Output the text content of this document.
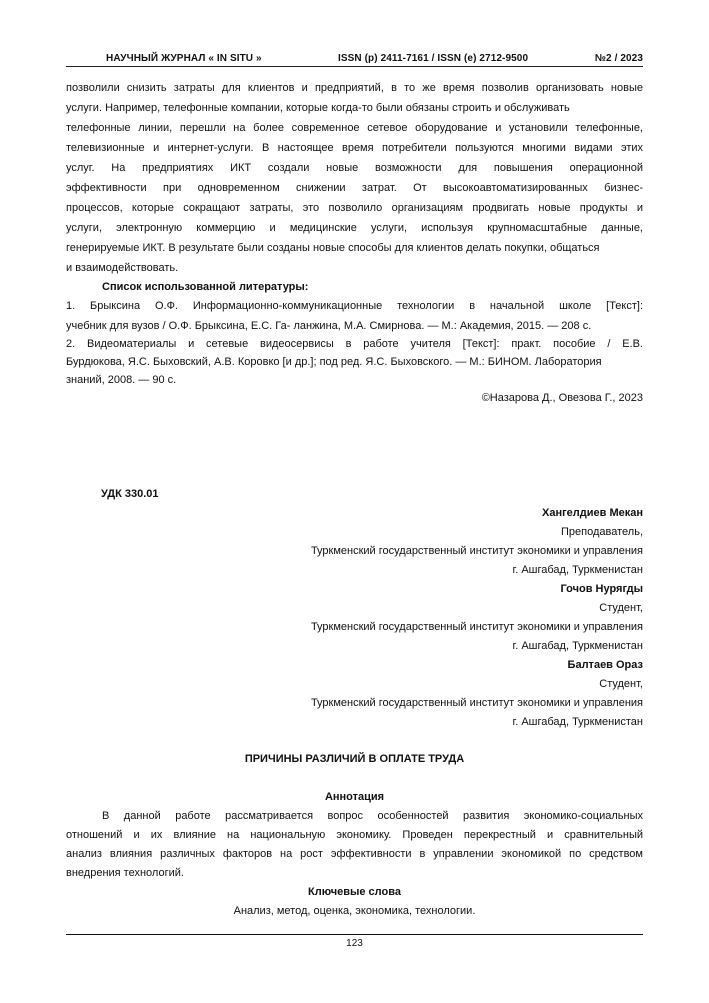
НАУЧНЫЙ ЖУРНАЛ « IN SITU »	ISSN (p) 2411-7161 / ISSN (e) 2712-9500	№2 / 2023
позволили снизить затраты для клиентов и предприятий, в то же время позволив организовать новые
услуги. Например, телефонные компании, которые когда-то были обязаны строить и обслуживать
телефонные линии, перешли на более современное сетевое оборудование и установили телефонные,
телевизионные и интернет-услуги. В настоящее время потребители пользуются многими видами этих
услуг. На предприятиях ИКТ создали новые возможности для повышения операционной
эффективности при одновременном снижении затрат. От высокоавтоматизированных бизнес-
процессов, которые сокращают затраты, это позволило организациям продвигать новые продукты и
услуги, электронную коммерцию и медицинские услуги, используя крупномасштабные данные,
генерируемые ИКТ. В результате были созданы новые способы для клиентов делать покупки, общаться
и взаимодействовать.
Список использованной литературы:
1. Брыксина О.Ф. Информационно-коммуникационные технологии в начальной школе [Текст]:
учебник для вузов / О.Ф. Брыксина, Е.С. Га- ланжина, М.А. Смирнова. — М.: Академия, 2015. — 208 с.
2. Видеоматериалы и сетевые видеосервисы в работе учителя [Текст]: практ. пособие / Е.В.
Бурдюкова, Я.С. Быховский, А.В. Коровко [и др.]; под ред. Я.С. Быховского. — М.: БИНОМ. Лаборатория
знаний, 2008. — 90 с.
©Назарова Д., Овезова Г., 2023
УДК 330.01
Хангелдиев Мекан
Преподаватель,
Туркменский государственный институт экономики и управления
г. Ашгабад, Туркменистан
Гочов Нурягды
Студент,
Туркменский государственный институт экономики и управления
г. Ашгабад, Туркменистан
Балтаев Ораз
Студент,
Туркменский государственный институт экономики и управления
г. Ашгабад, Туркменистан
ПРИЧИНЫ РАЗЛИЧИЙ В ОПЛАТЕ ТРУДА
Аннотация
В данной работе рассматривается вопрос особенностей развития экономико-социальных
отношений и их влияние на национальную экономику. Проведен перекрестный и сравнительный
анализ влияния различных факторов на рост эффективности в управлении экономикой по средством
внедрения технологий.
Ключевые слова
Анализ, метод, оценка, экономика, технологии.
123
